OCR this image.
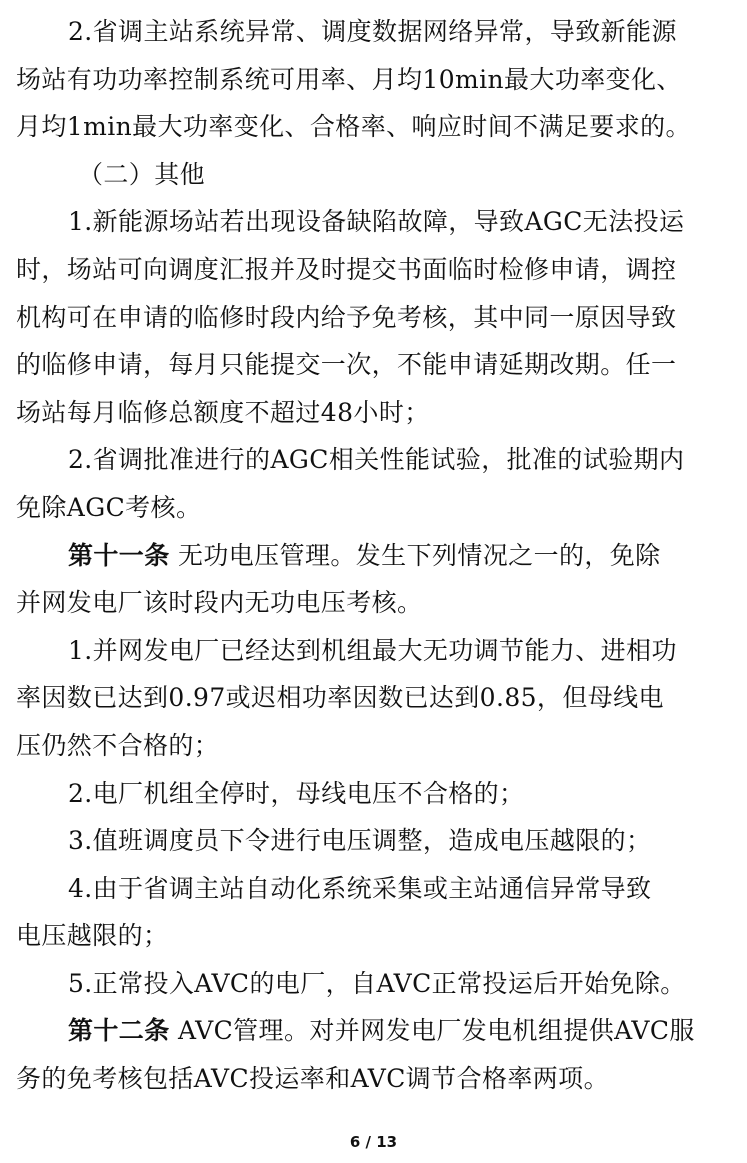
2.省调主站系统异常、调度数据网络异常，导致新能源
场站有功功率控制系统可用率、月均10min最大功率变化、
月均1min最大功率变化、合格率、响应时间不满足要求的。
（二）其他
1.新能源场站若出现设备缺陷故障，导致AGC无法投运
时，场站可向调度汇报并及时提交书面临时检修申请，调控
机构可在申请的临修时段内给予免考核，其中同一原因导致
的临修申请，每月只能提交一次，不能申请延期改期。任一
场站每月临修总额度不超过48小时；
2.省调批准进行的AGC相关性能试验，批准的试验期内
免除AGC考核。
第十一条 无功电压管理。发生下列情况之一的，免除
并网发电厂该时段内无功电压考核。
1.并网发电厂已经达到机组最大无功调节能力、进相功
率因数已达到0.97或迟相功率因数已达到0.85，但母线电
压仍然不合格的；
2.电厂机组全停时，母线电压不合格的；
3.值班调度员下令进行电压调整，造成电压越限的；
4.由于省调主站自动化系统采集或主站通信异常导致
电压越限的；
5.正常投入AVC的电厂，自AVC正常投运后开始免除。
第十二条 AVC管理。对并网发电厂发电机组提供AVC服
务的免考核包括AVC投运率和AVC调节合格率两项。
6 / 13
